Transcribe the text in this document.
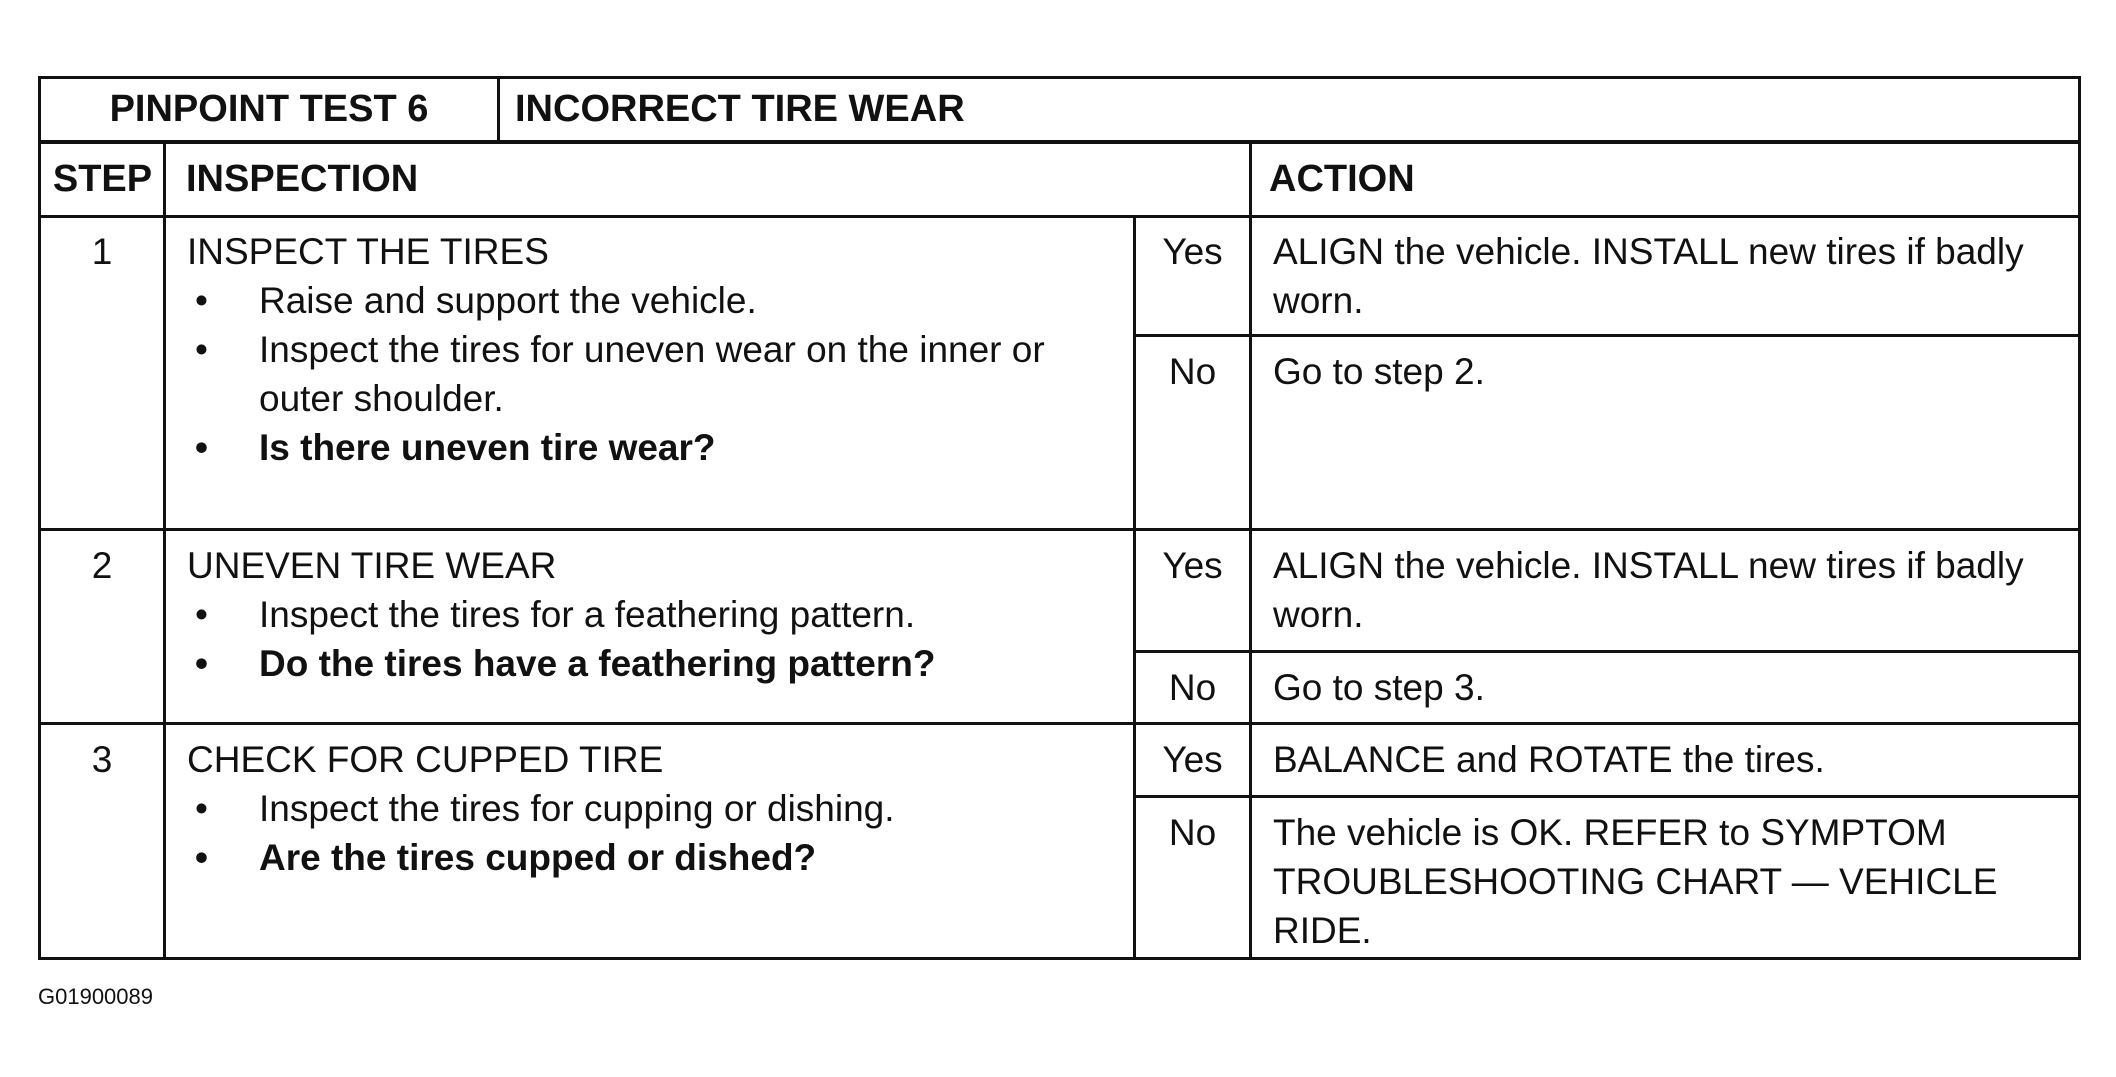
PINPOINT TEST 6 INCORRECT TIRE WEAR
STEP INSPECTION	ACTION
1	INSPECT THE TIRES
• Raise and support the vehicle.
• Inspect the tires for uneven wear on the inner or outer shoulder.
• Is there uneven tire wear?
Yes	ALIGN the vehicle. INSTALL new tires if badly worn.
No	Go to step 2.
2	UNEVEN TIRE WEAR
• Inspect the tires for a feathering pattern.
• Do the tires have a feathering pattern?
Yes	ALIGN the vehicle. INSTALL new tires if badly worn.
No	Go to step 3.
3	CHECK FOR CUPPED TIRE
• Inspect the tires for cupping or dishing.
• Are the tires cupped or dished?
Yes	BALANCE and ROTATE the tires.
No	The vehicle is OK. REFER to SYMPTOM TROUBLESHOOTING CHART — VEHICLE RIDE.
G01900089
